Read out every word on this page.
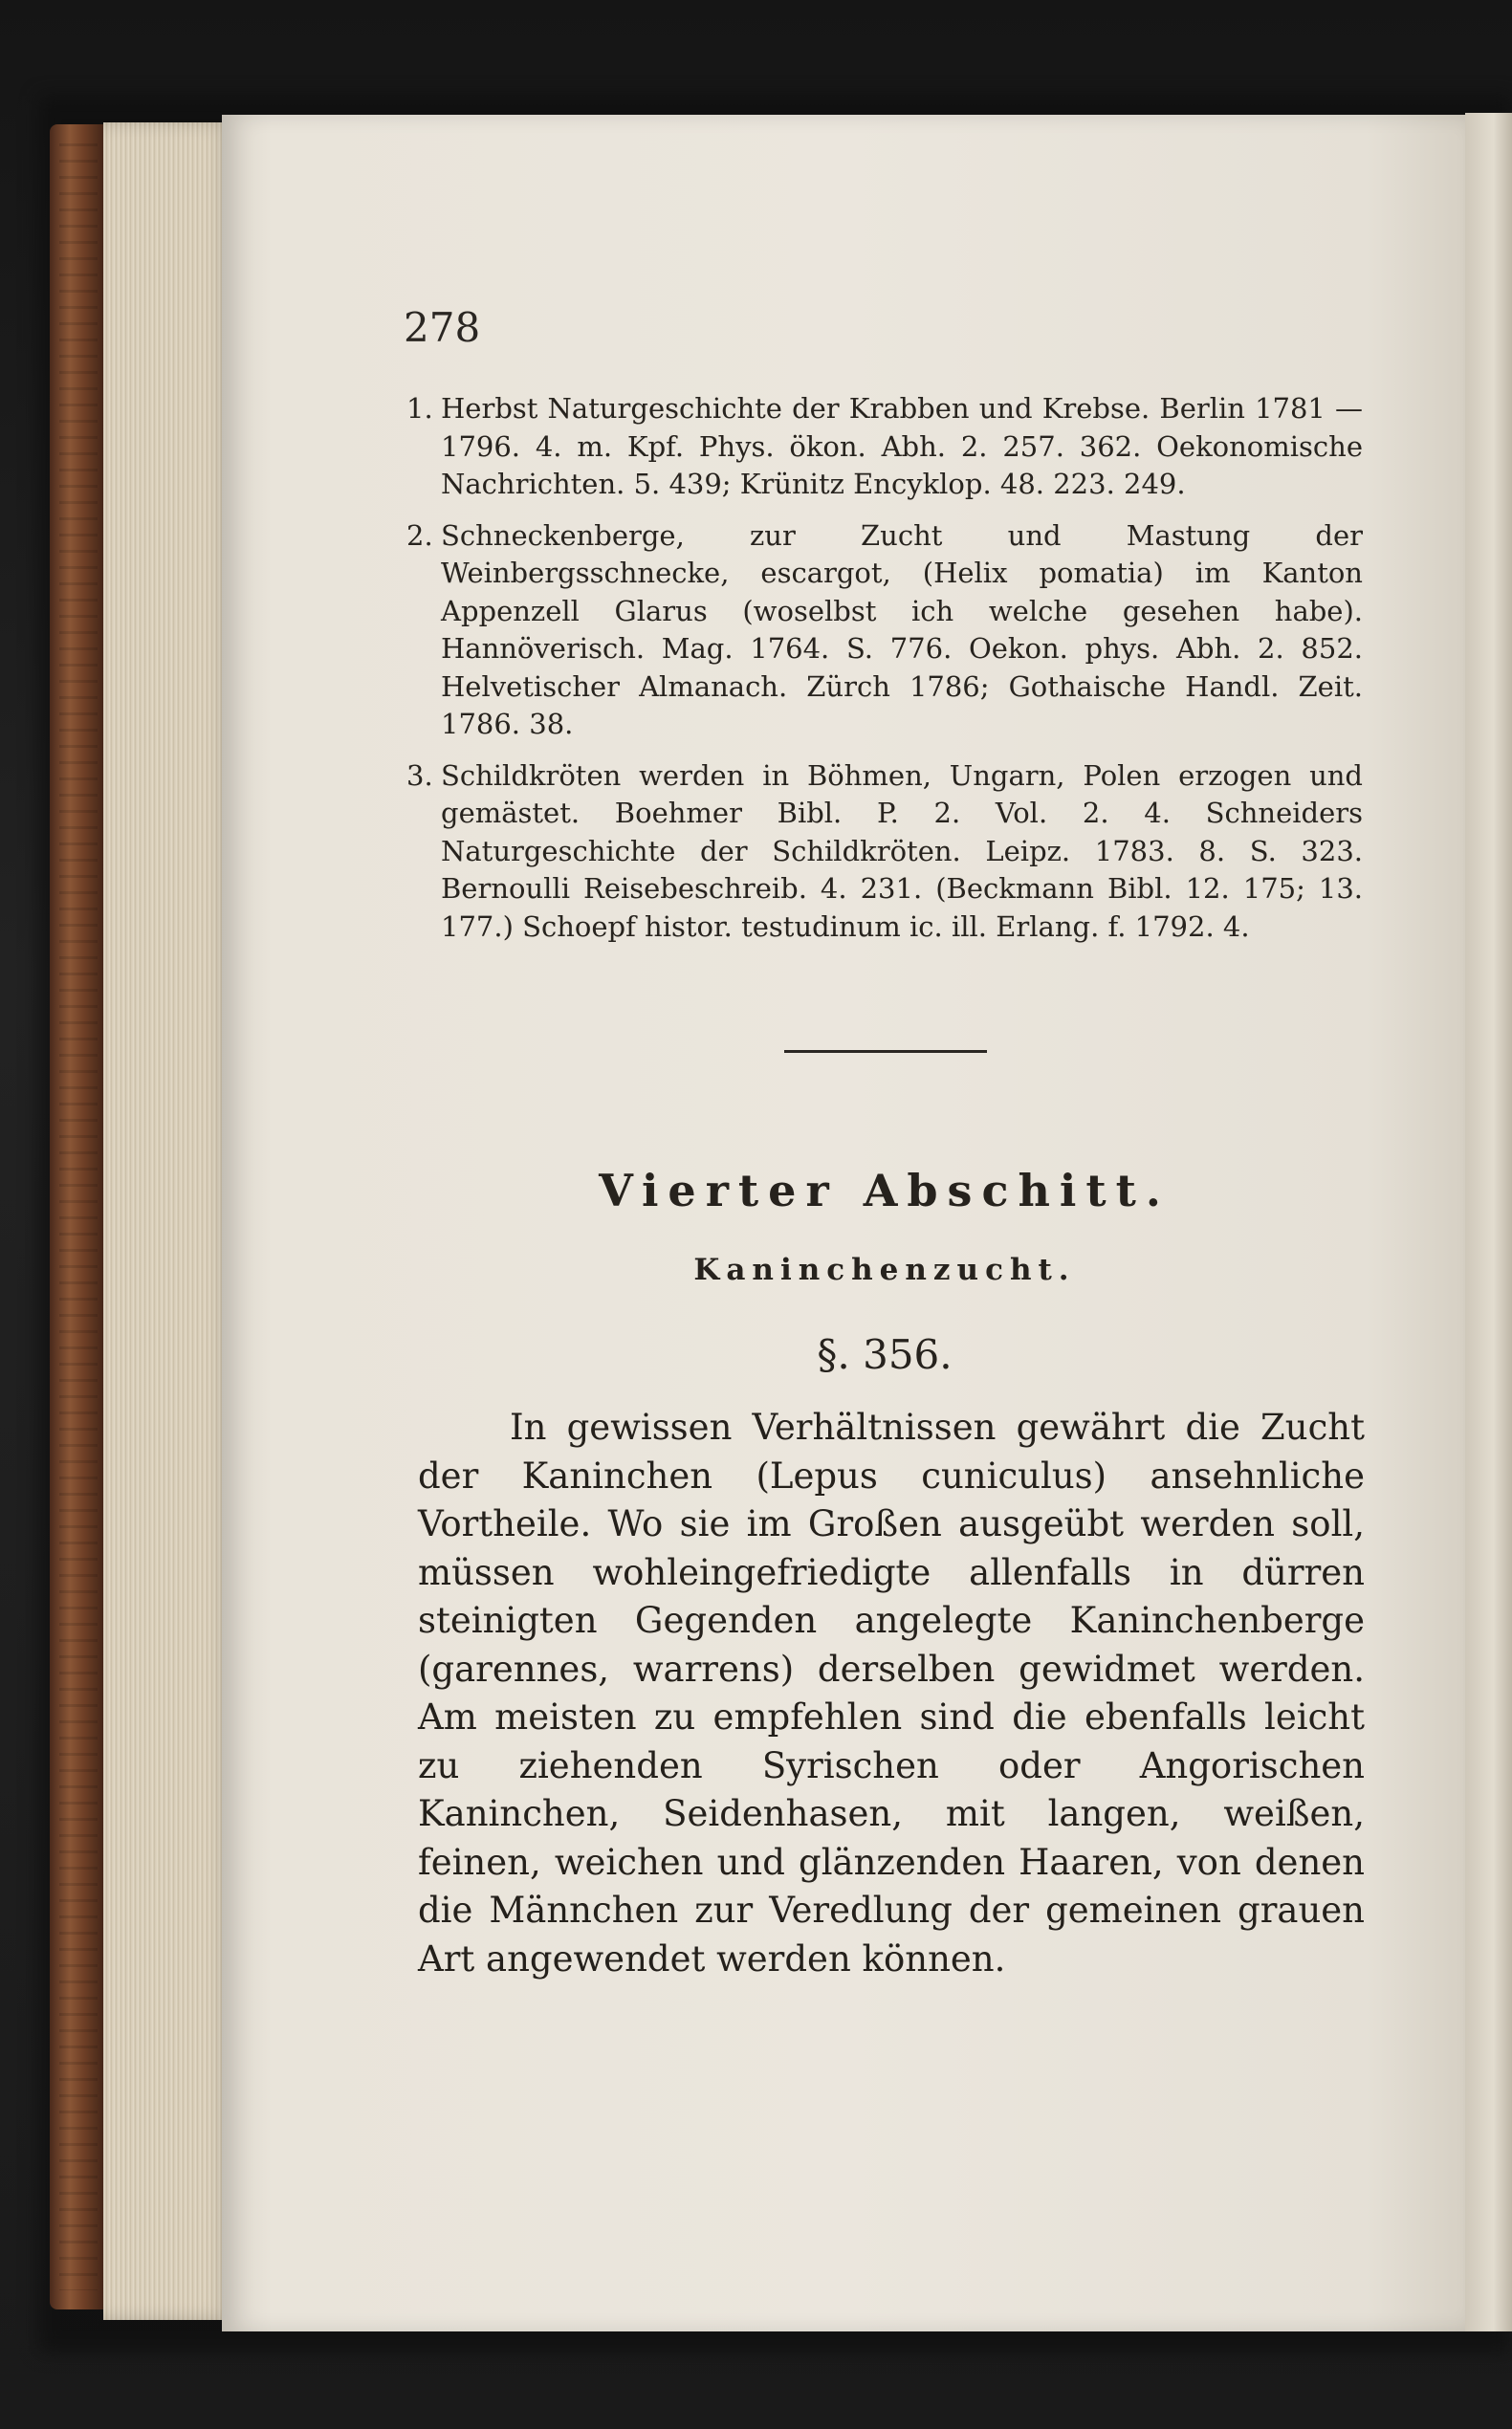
278
1. Herbst Naturgeschichte der Krabben und Krebse. Berlin 1781 — 1796. 4. m. Kpf. Phys. ökon. Abh. 2. 257. 362. Oekonomische Nachrichten. 5. 439; Krünitz Encyklop. 48. 223. 249.
2. Schneckenberge, zur Zucht und Mastung der Weinbergsschnecke, escargot, (Helix pomatia) im Kanton Appenzell Glarus (woselbst ich welche gesehen habe). Hannöverisch. Mag. 1764. S. 776. Oekon. phys. Abh. 2. 852. Helvetischer Almanach. Zürch 1786; Gothaische Handl. Zeit. 1786. 38.
3. Schildkröten werden in Böhmen, Ungarn, Polen erzogen und gemästet. Boehmer Bibl. P. 2. Vol. 2. 4. Schneiders Naturgeschichte der Schildkröten. Leipz. 1783. 8. S. 323. Bernoulli Reisebeschreib. 4. 231. (Beckmann Bibl. 12. 175; 13. 177.) Schoepf histor. testudinum ic. ill. Erlang. f. 1792. 4.
Vierter Abschitt.
Kaninchenzucht.
§. 356.
In gewissen Verhältnissen gewährt die Zucht der Kaninchen (Lepus cuniculus) ansehnliche Vortheile. Wo sie im Großen ausgeübt werden soll, müssen wohleingefriedigte allenfalls in dürren steinigten Gegenden angelegte Kaninchenberge (garennes, warrens) derselben gewidmet werden. Am meisten zu empfehlen sind die ebenfalls leicht zu ziehenden Syrischen oder Angorischen Kaninchen, Seidenhasen, mit langen, weißen, feinen, weichen und glänzenden Haaren, von denen die Männchen zur Veredlung der gemeinen grauen Art angewendet werden können.
